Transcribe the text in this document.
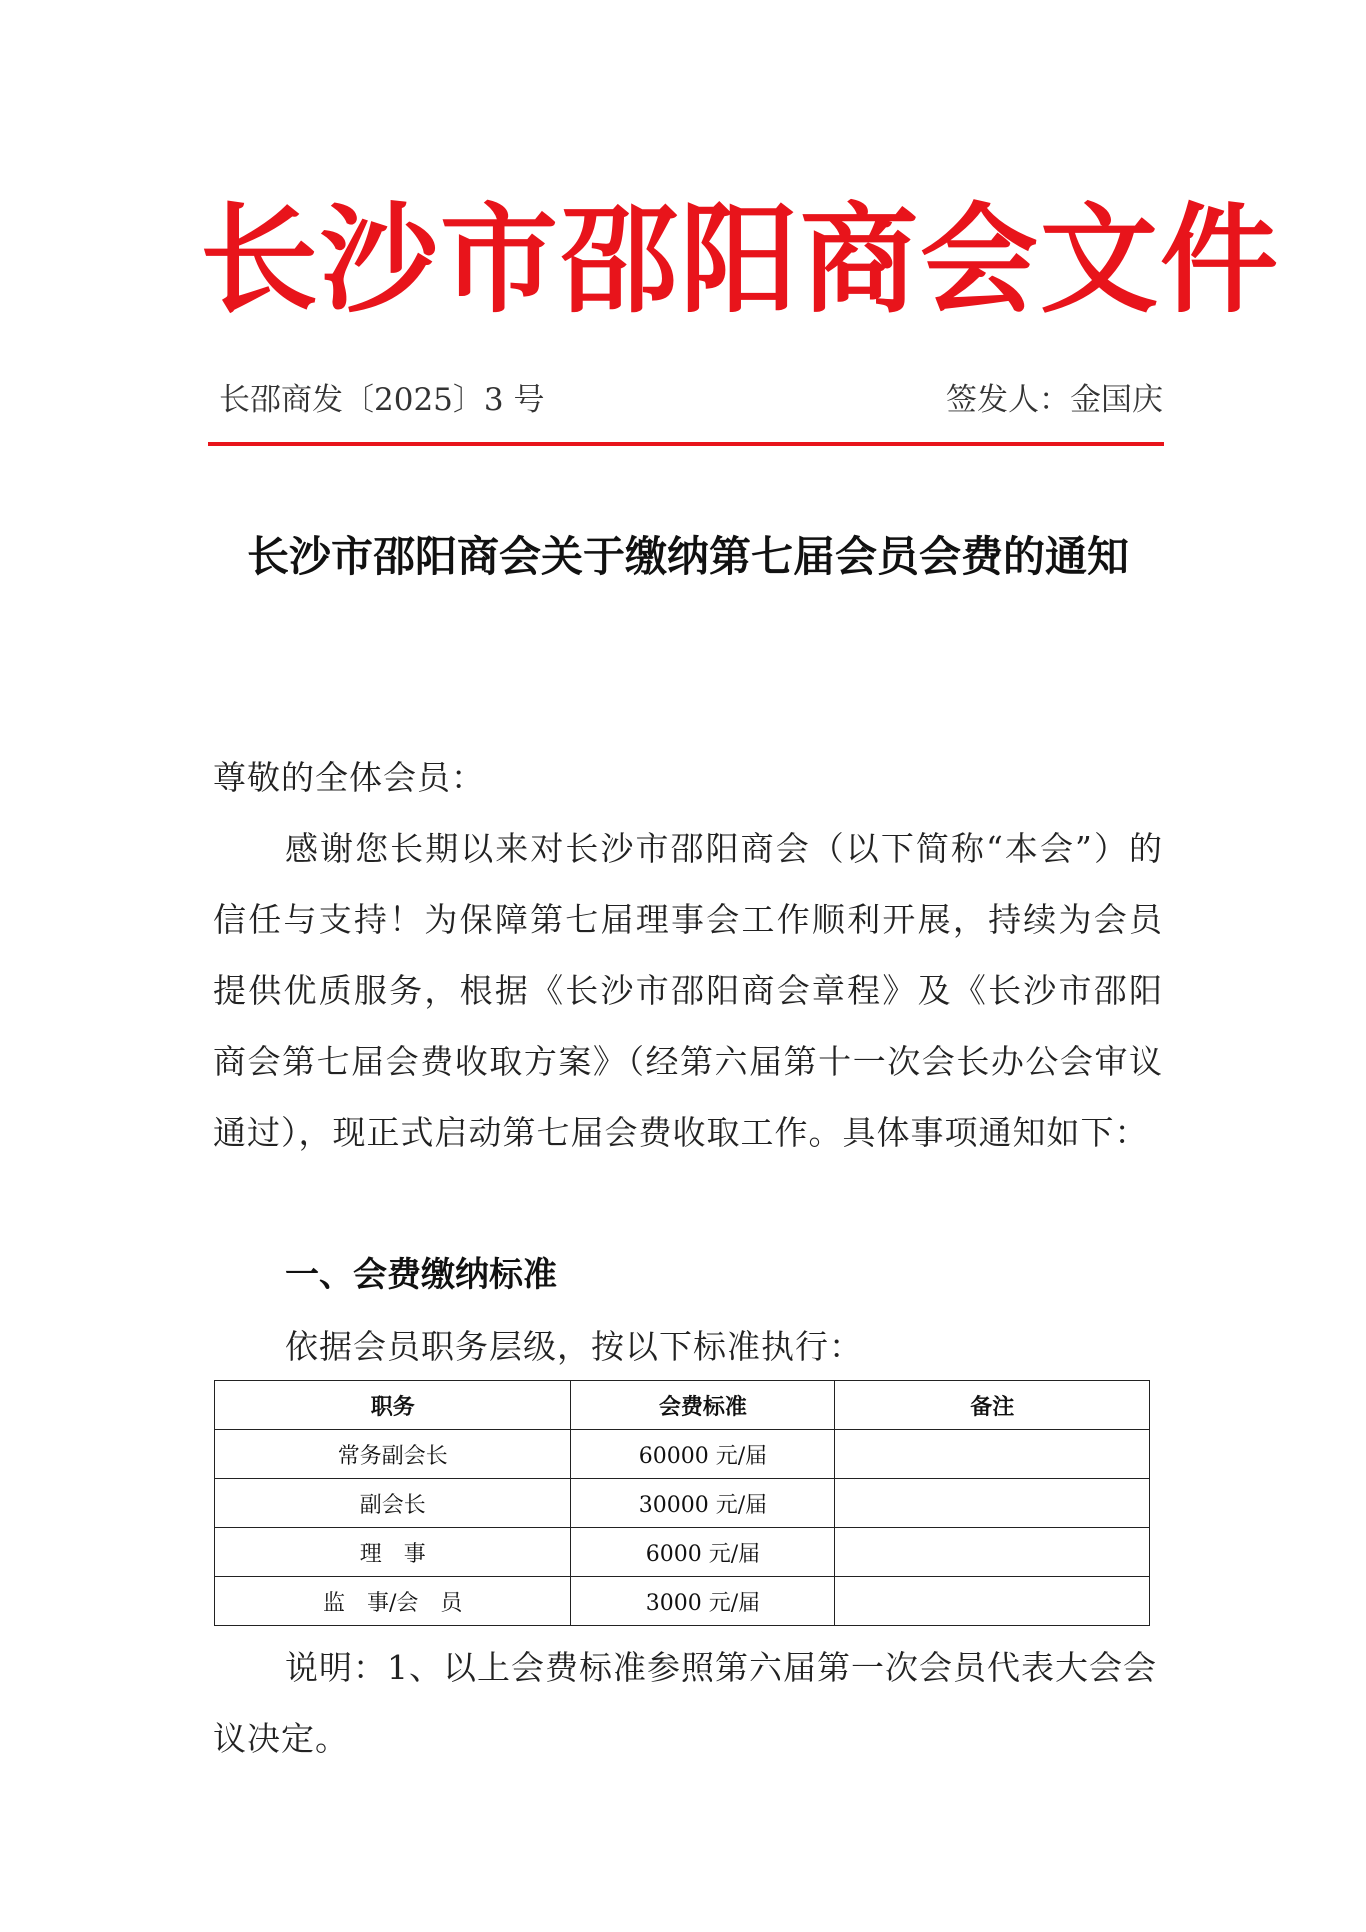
长沙市邵阳商会文件
长邵商发〔2025〕3 号	签发人：金国庆
长沙市邵阳商会关于缴纳第七届会员会费的通知
尊敬的全体会员：
感谢您长期以来对长沙市邵阳商会（以下简称“本会”）的信任与支持！为保障第七届理事会工作顺利开展，持续为会员提供优质服务，根据《长沙市邵阳商会章程》及《长沙市邵阳商会第七届会费收取方案》（经第六届第十一次会长办公会审议通过），现正式启动第七届会费收取工作。具体事项通知如下：
一、会费缴纳标准
依据会员职务层级，按以下标准执行：
职务	会费标准	备注
常务副会长	60000 元/届	
副会长	30000 元/届	
理　事	6000 元/届	
监　事/会　员	3000 元/届	
说明：1、以上会费标准参照第六届第一次会员代表大会会议决定。
